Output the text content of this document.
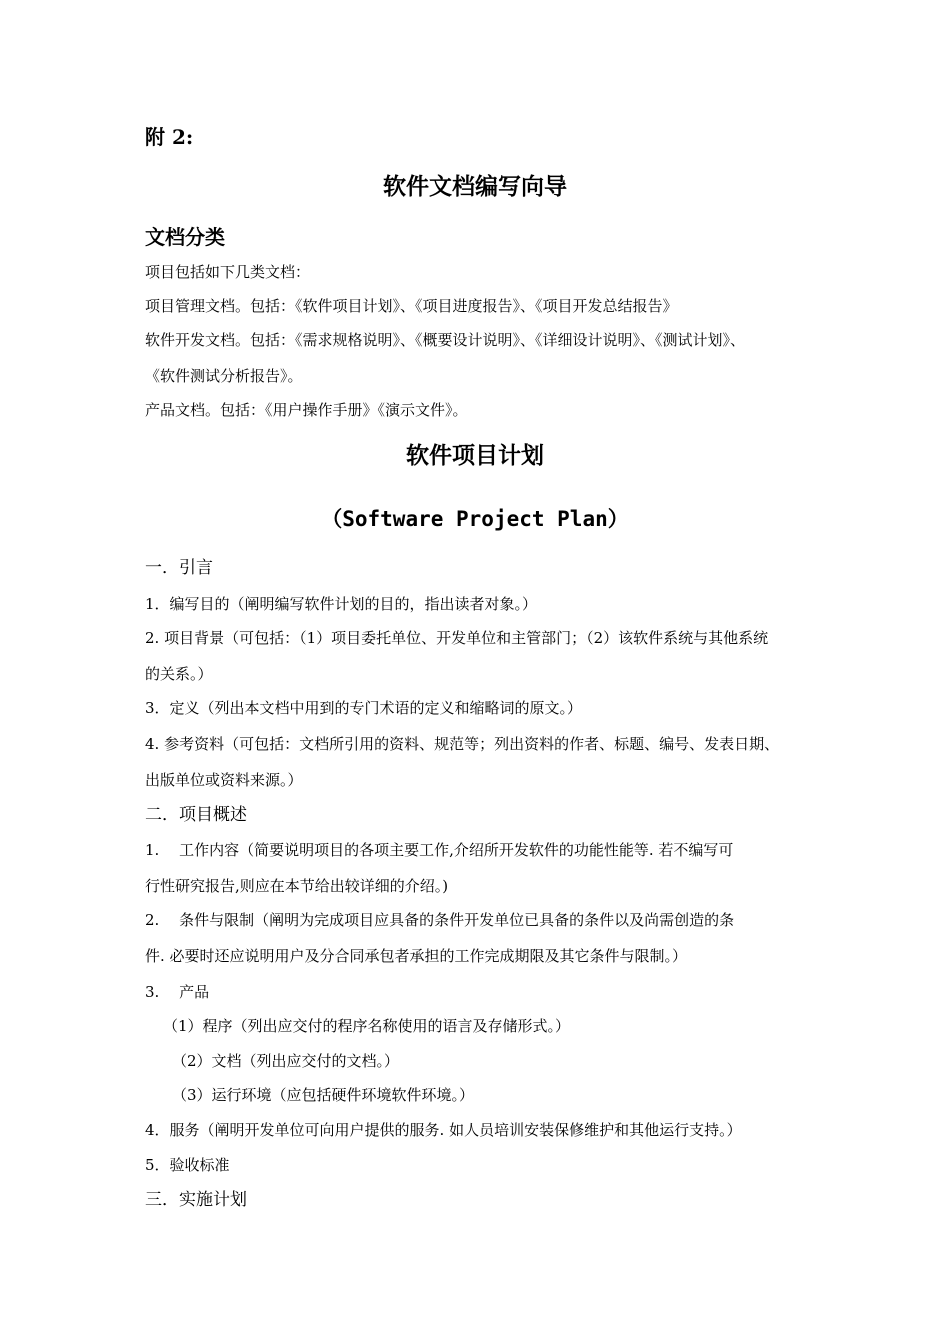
附 2:
软件文档编写向导
文档分类
项目包括如下几类文档：
项目管理文档。包括：《软件项目计划》、《项目进度报告》、《项目开发总结报告》
软件开发文档。包括：《需求规格说明》、《概要设计说明》、《详细设计说明》、《测试计划》、
《软件测试分析报告》。
产品文档。包括：《用户操作手册》《演示文件》。
软件项目计划
（Software Project Plan）
一．引言
1．编写目的（阐明编写软件计划的目的，指出读者对象。）
2. 项目背景（可包括：（1）项目委托单位、开发单位和主管部门；（2）该软件系统与其他系统
的关系。）
3．定义（列出本文档中用到的专门术语的定义和缩略词的原文。）
4. 参考资料（可包括：文档所引用的资料、规范等；列出资料的作者、标题、编号、发表日期、
出版单位或资料来源。）
二．项目概述
1.　 工作内容（简要说明项目的各项主要工作,介绍所开发软件的功能性能等. 若不编写可
行性研究报告,则应在本节给出较详细的介绍。)
2.　 条件与限制（阐明为完成项目应具备的条件开发单位已具备的条件以及尚需创造的条
件. 必要时还应说明用户及分合同承包者承担的工作完成期限及其它条件与限制。）
3.　 产品
（1）程序（列出应交付的程序名称使用的语言及存储形式。）
（2）文档（列出应交付的文档。）
（3）运行环境（应包括硬件环境软件环境。）
4．服务（阐明开发单位可向用户提供的服务. 如人员培训安装保修维护和其他运行支持。）
5．验收标准
三．实施计划
